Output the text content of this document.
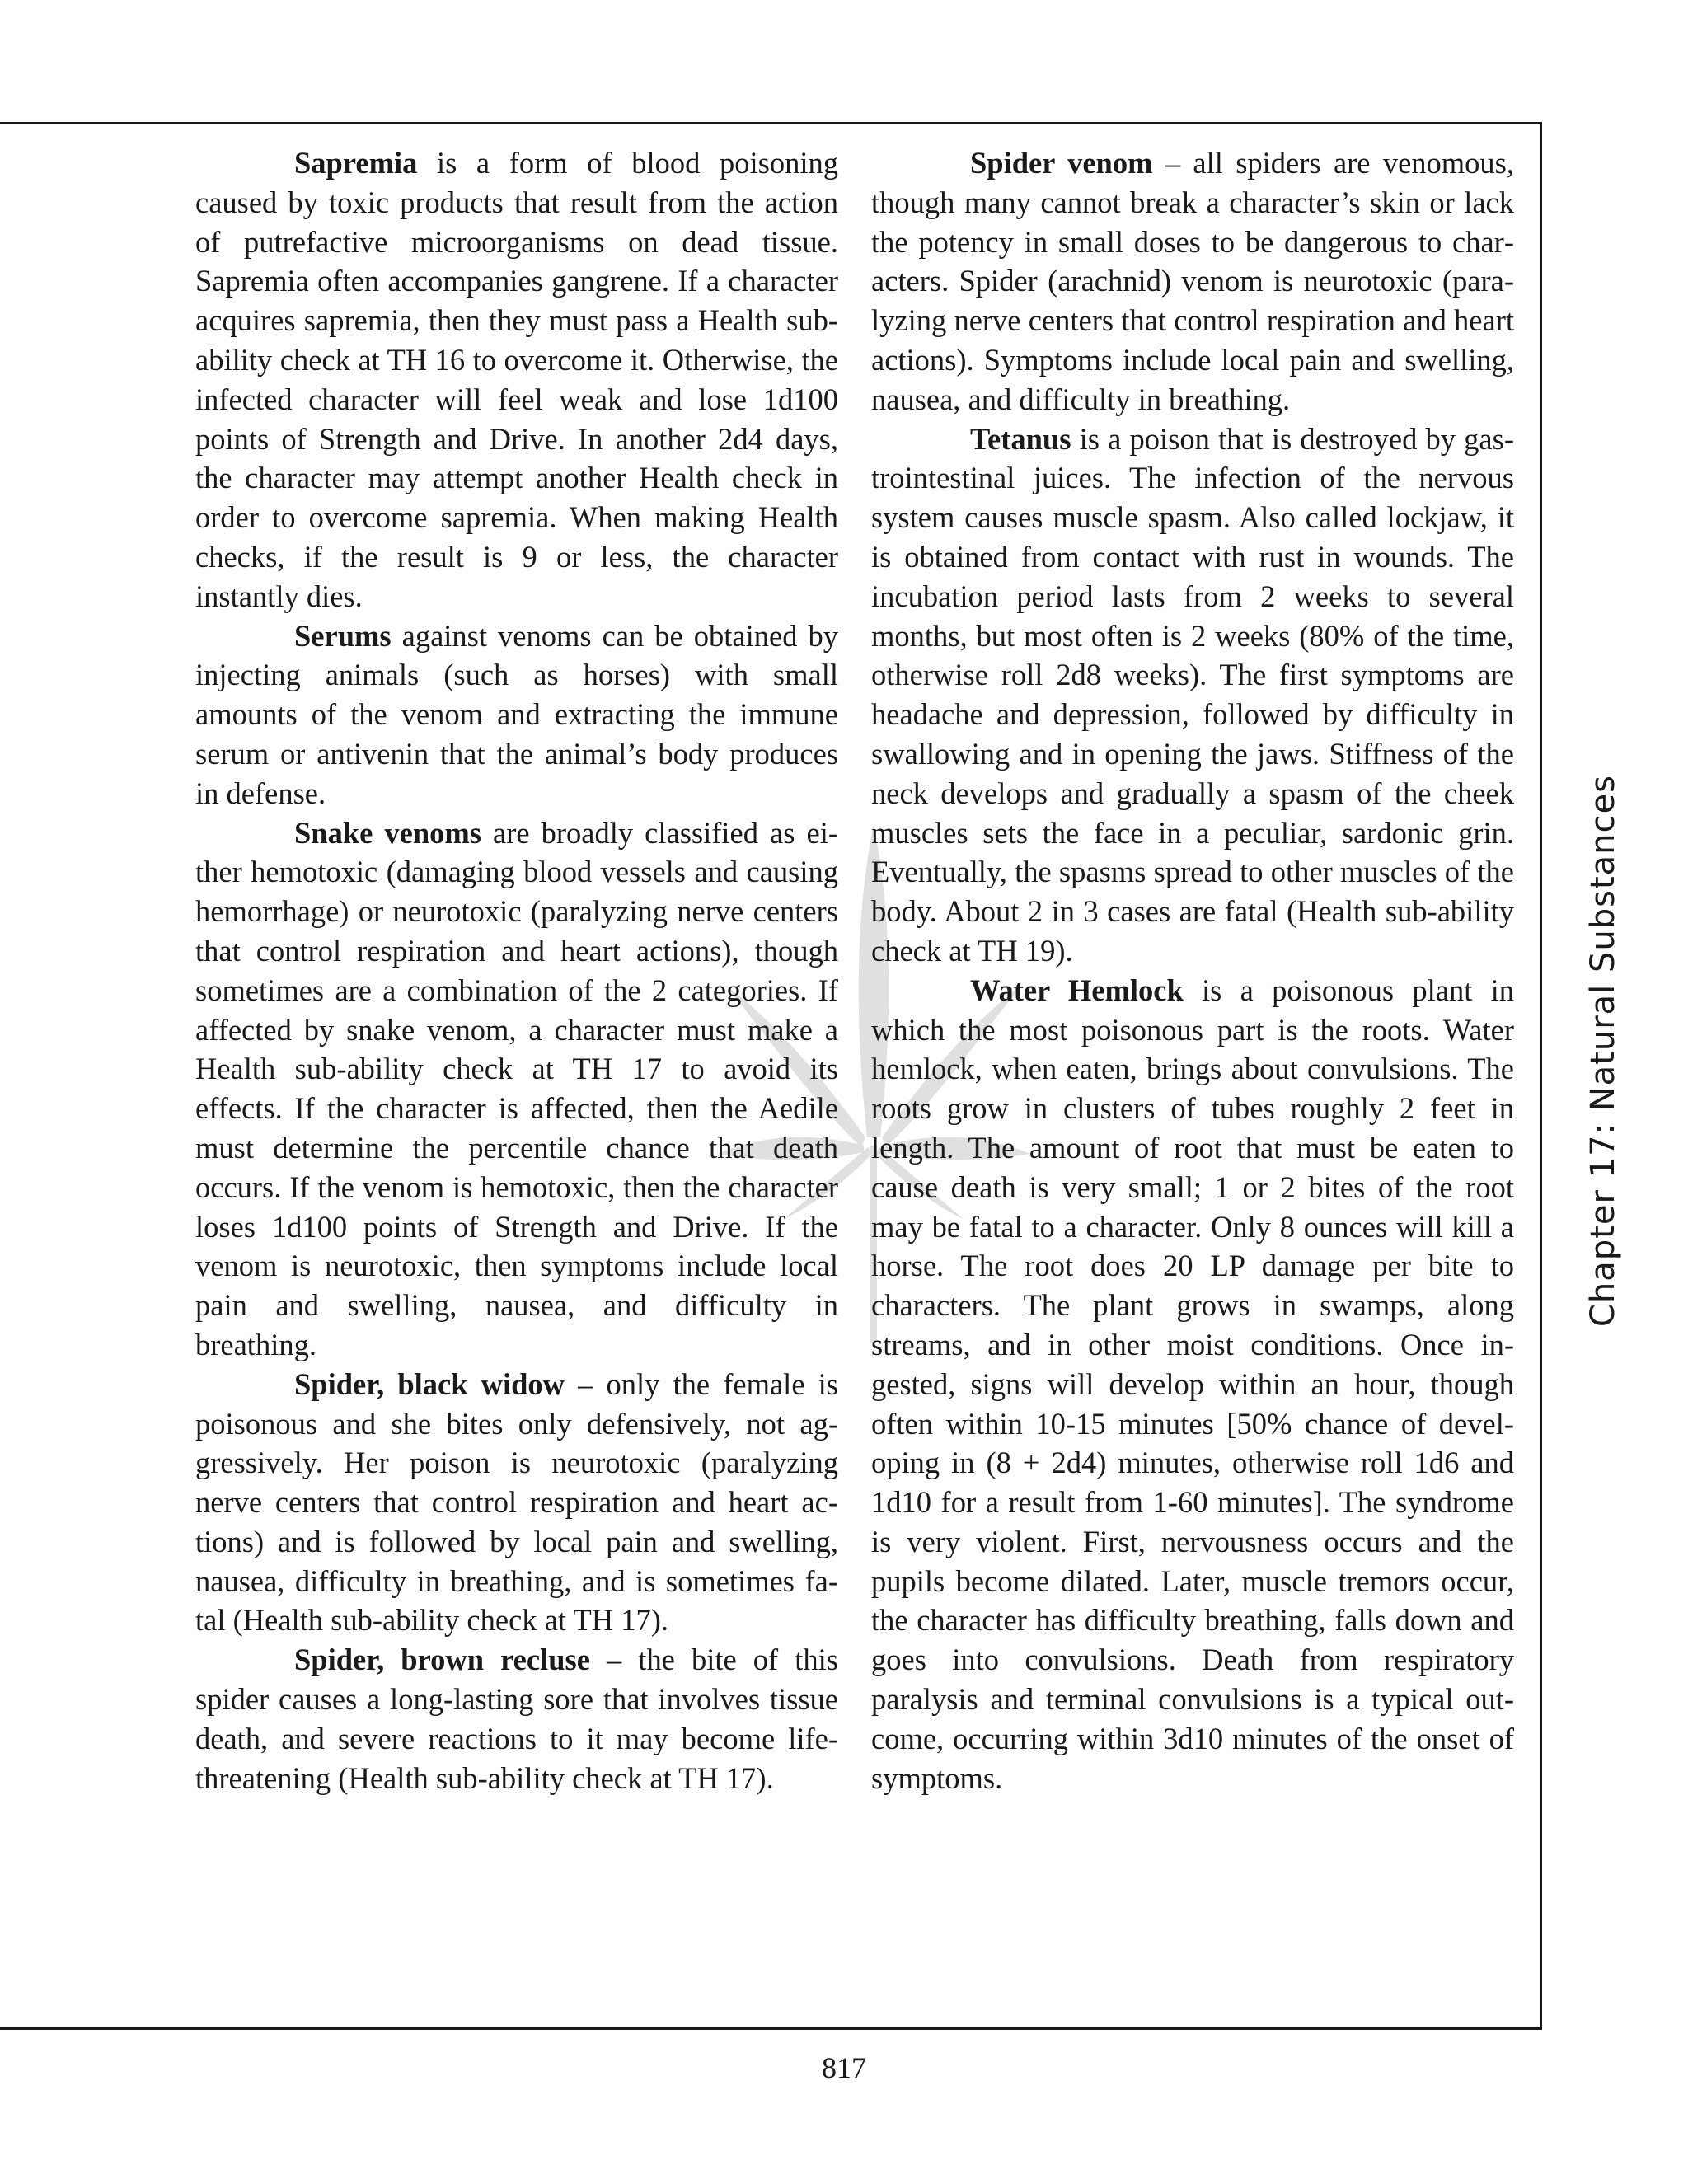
Sapremia is a form of blood poisoning caused by toxic products that result from the action of putrefactive microorganisms on dead tissue. Sapremia often accompanies gangrene. If a character acquires sapremia, then they must pass a Health sub-ability check at TH 16 to overcome it. Otherwise, the infected character will feel weak and lose 1d100 points of Strength and Drive. In another 2d4 days, the character may attempt another Health check in order to overcome sapremia. When making Health checks, if the result is 9 or less, the character instantly dies.

Serums against venoms can be obtained by injecting animals (such as horses) with small amounts of the venom and extracting the immune serum or antivenin that the animal’s body produces in defense.

Snake venoms are broadly classified as either hemotoxic (damaging blood vessels and causing hemorrhage) or neurotoxic (paralyzing nerve centers that control respiration and heart actions), though sometimes are a combination of the 2 categories. If affected by snake venom, a character must make a Health sub-ability check at TH 17 to avoid its effects. If the character is affected, then the Aedile must determine the percentile chance that death occurs. If the venom is hemotoxic, then the character loses 1d100 points of Strength and Drive. If the venom is neurotoxic, then symptoms include local pain and swelling, nausea, and difficulty in breathing.

Spider, black widow – only the female is poisonous and she bites only defensively, not aggressively. Her poison is neurotoxic (paralyzing nerve centers that control respiration and heart actions) and is followed by local pain and swelling, nausea, difficulty in breathing, and is sometimes fatal (Health sub-ability check at TH 17).

Spider, brown recluse – the bite of this spider causes a long-lasting sore that involves tissue death, and severe reactions to it may become life-threatening (Health sub-ability check at TH 17).

Spider venom – all spiders are venomous, though many cannot break a character’s skin or lack the potency in small doses to be dangerous to characters. Spider (arachnid) venom is neurotoxic (paralyzing nerve centers that control respiration and heart actions). Symptoms include local pain and swelling, nausea, and difficulty in breathing.

Tetanus is a poison that is destroyed by gastrointestinal juices. The infection of the nervous system causes muscle spasm. Also called lockjaw, it is obtained from contact with rust in wounds. The incubation period lasts from 2 weeks to several months, but most often is 2 weeks (80% of the time, otherwise roll 2d8 weeks). The first symptoms are headache and depression, followed by difficulty in swallowing and in opening the jaws. Stiffness of the neck develops and gradually a spasm of the cheek muscles sets the face in a peculiar, sardonic grin. Eventually, the spasms spread to other muscles of the body. About 2 in 3 cases are fatal (Health sub-ability check at TH 19).

Water Hemlock is a poisonous plant in which the most poisonous part is the roots. Water hemlock, when eaten, brings about convulsions. The roots grow in clusters of tubes roughly 2 feet in length. The amount of root that must be eaten to cause death is very small; 1 or 2 bites of the root may be fatal to a character. Only 8 ounces will kill a horse. The root does 20 LP damage per bite to characters. The plant grows in swamps, along streams, and in other moist conditions. Once ingested, signs will develop within an hour, though often within 10-15 minutes [50% chance of developing in (8 + 2d4) minutes, otherwise roll 1d6 and 1d10 for a result from 1-60 minutes]. The syndrome is very violent. First, nervousness occurs and the pupils become dilated. Later, muscle tremors occur, the character has difficulty breathing, falls down and goes into convulsions. Death from respiratory paralysis and terminal convulsions is a typical outcome, occurring within 3d10 minutes of the onset of symptoms.

Chapter 17: Natural Substances
817
